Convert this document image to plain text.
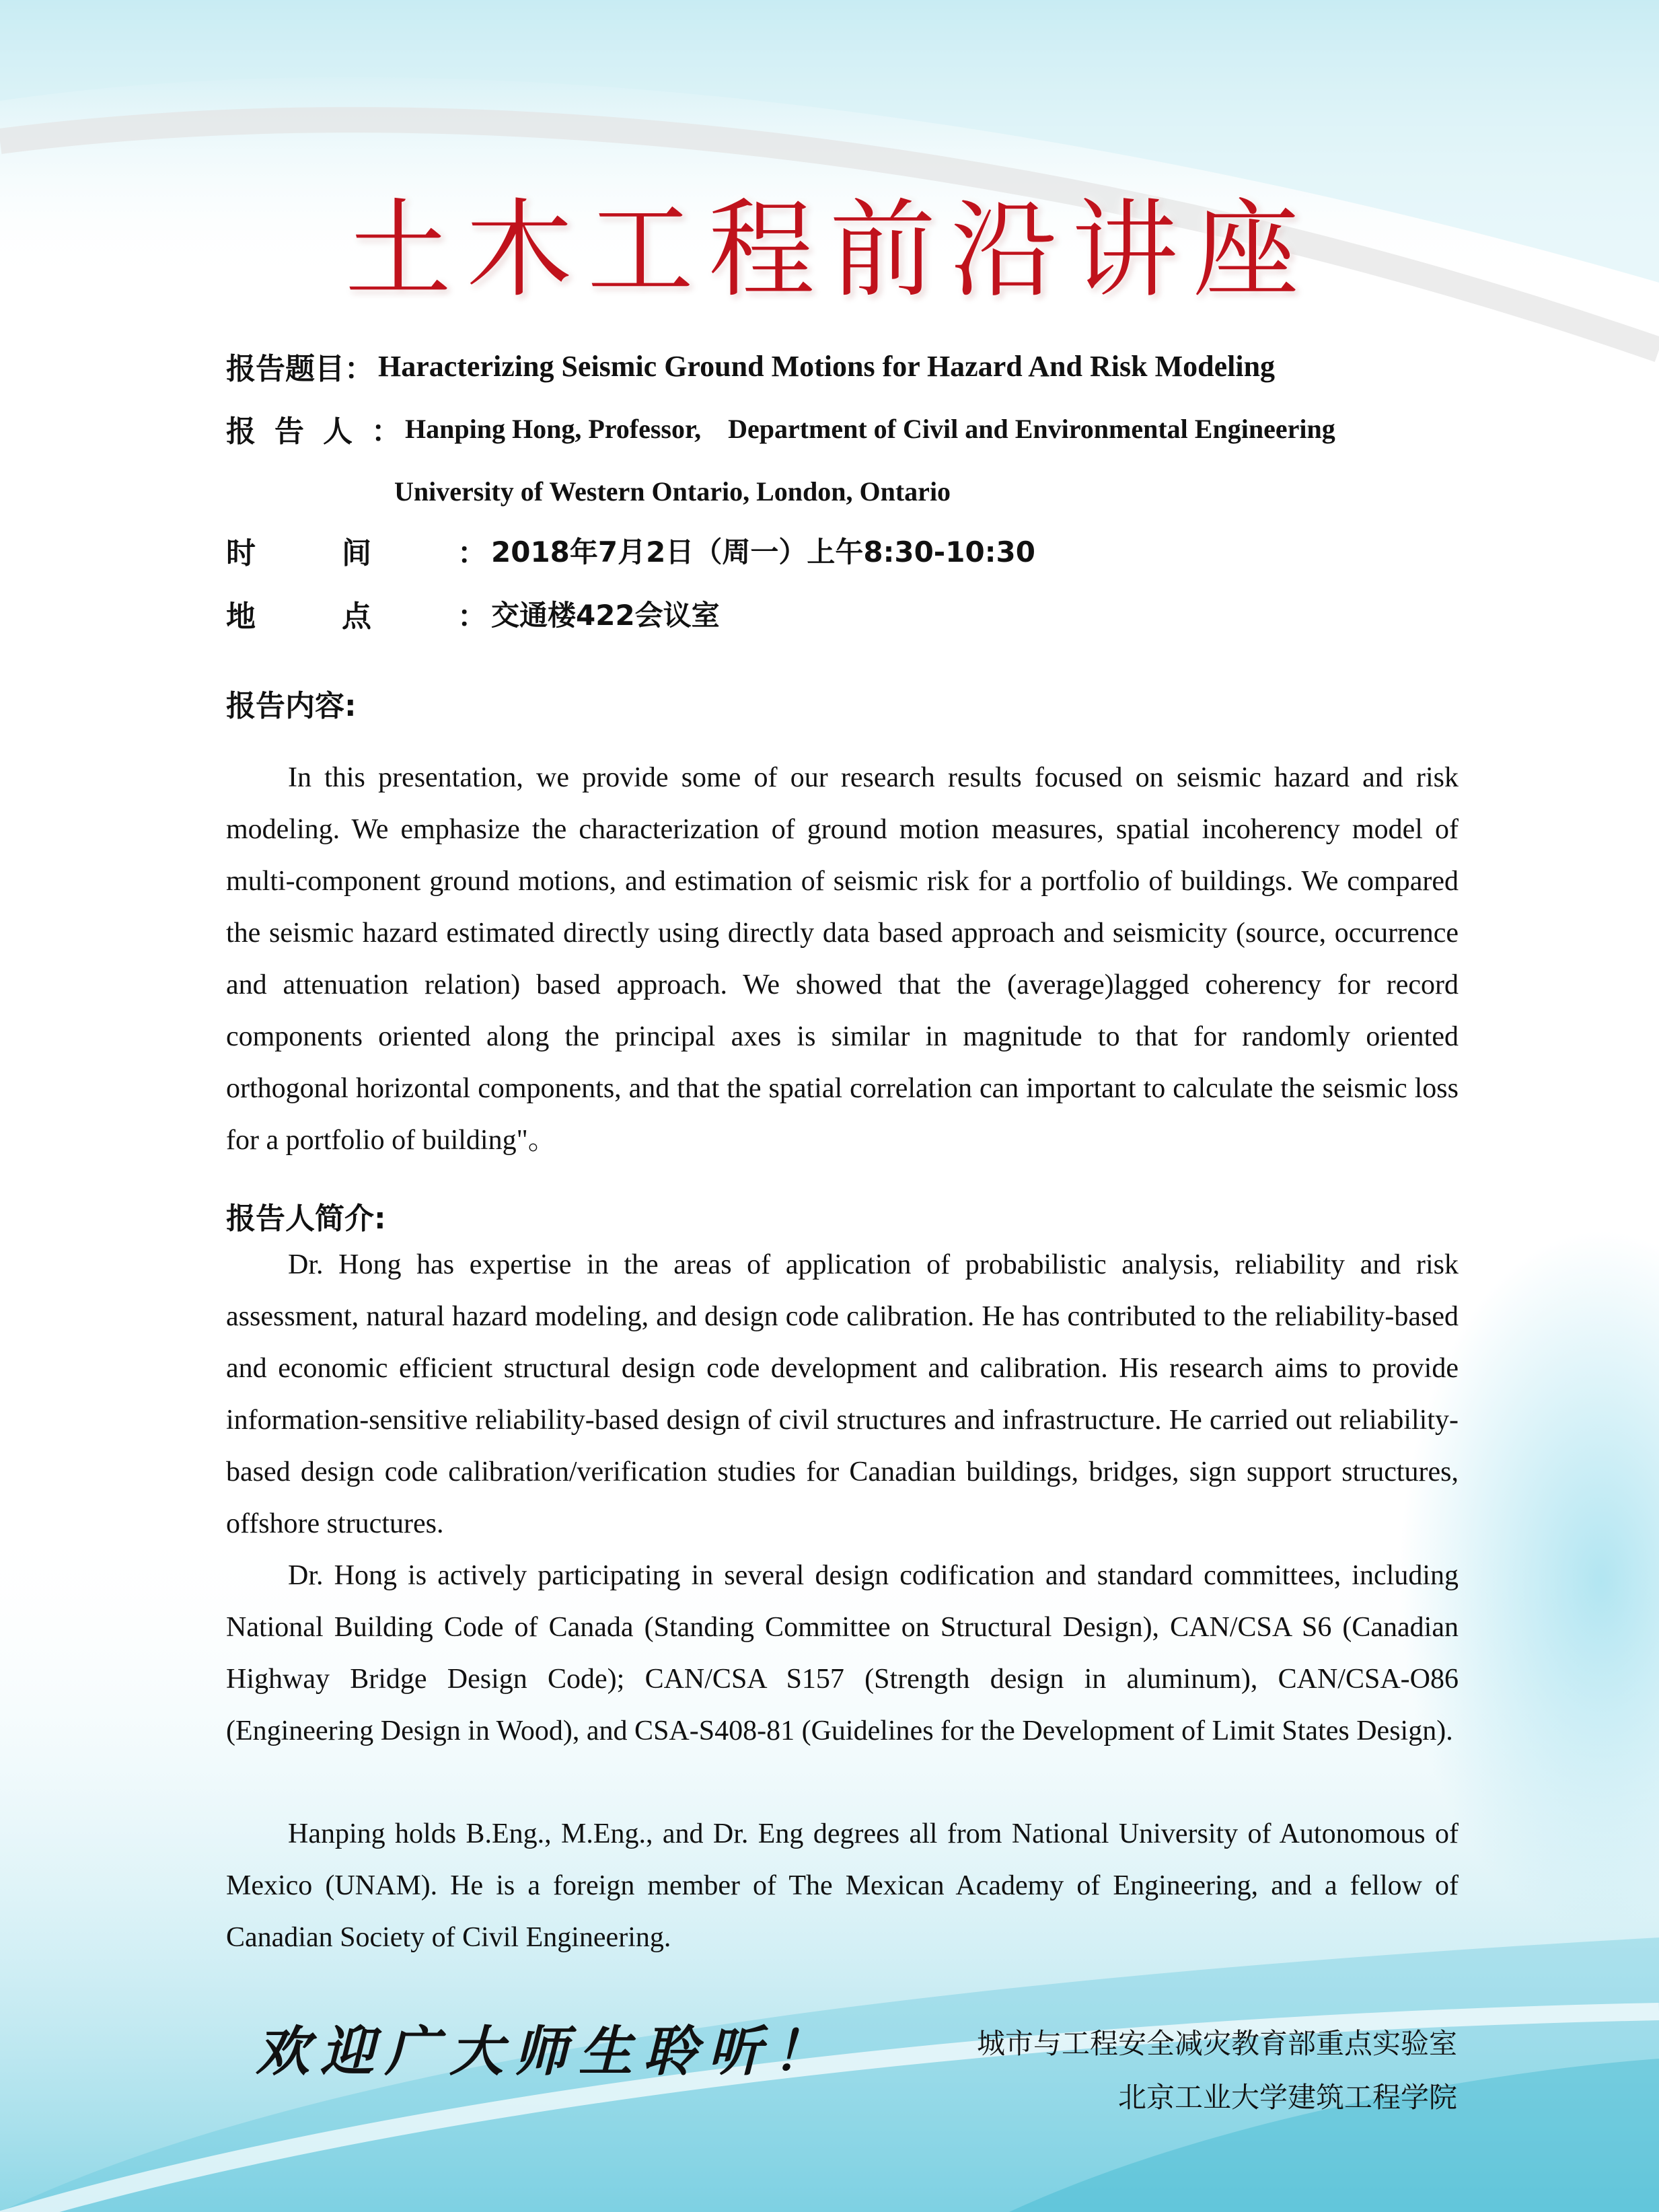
土木工程前沿讲座
报告题目 ： Haracterizing Seismic Ground Motions for Hazard And Risk Modeling
报告人 ： Hanping Hong, Professor,    Department of Civil and Environmental Engineering
University of Western Ontario, London, Ontario
时间 ： 2018年7月2日（周一）上午8:30-10:30
地点 ： 交通楼422会议室
报告内容:

In this presentation, we provide some of our research results focused on seismic hazard and risk modeling. We emphasize the characterization of ground motion measures, spatial incoherency model of multi-component ground motions, and estimation of seismic risk for a portfolio of buildings. We compared the seismic hazard estimated directly using directly data based approach and seismicity (source, occurrence and attenuation relation) based approach. We showed that the (average)lagged coherency for record components oriented along the principal axes is similar in magnitude to that for randomly oriented orthogonal horizontal components, and that the spatial correlation can important to calculate the seismic loss for a portfolio of building"。

报告人简介:

Dr. Hong has expertise in the areas of application of probabilistic analysis, reliability and risk assessment, natural hazard modeling, and design code calibration. He has contributed to the reliability-based and economic efficient structural design code development and calibration. His research aims to provide information-sensitive reliability-based design of civil structures and infrastructure. He carried out reliability-based design code calibration/verification studies for Canadian buildings, bridges, sign support structures, offshore structures.

Dr. Hong is actively participating in several design codification and standard committees, including National Building Code of Canada (Standing Committee on Structural Design), CAN/CSA S6 (Canadian Highway Bridge Design Code); CAN/CSA S157 (Strength design in aluminum), CAN/CSA-O86 (Engineering Design in Wood), and CSA-S408-81 (Guidelines for the Development of Limit States Design).

Hanping holds B.Eng., M.Eng., and Dr. Eng degrees all from National University of Autonomous of Mexico (UNAM). He is a foreign member of The Mexican Academy of Engineering, and a fellow of Canadian Society of Civil Engineering.

欢迎广大师生聆听！	城市与工程安全减灾教育部重点实验室
北京工业大学建筑工程学院
